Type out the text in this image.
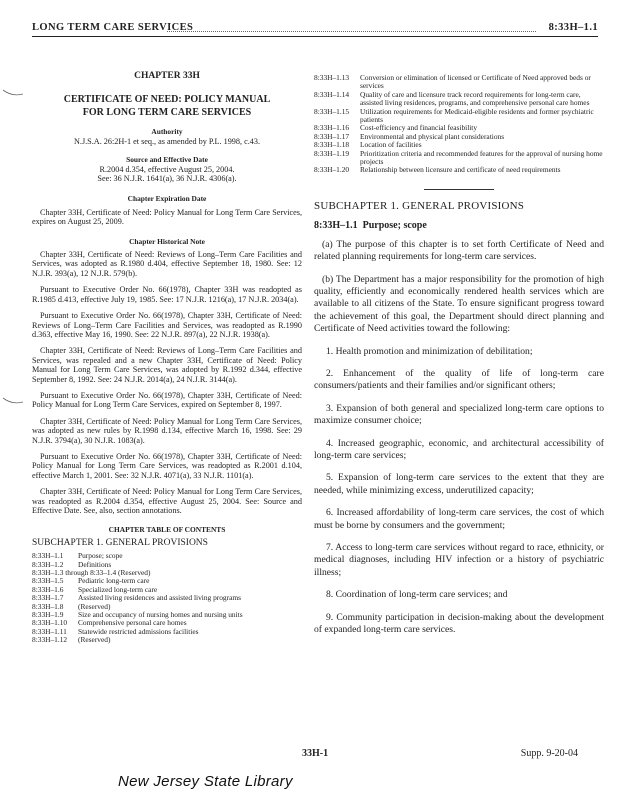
LONG TERM CARE SERVICES	8:33H–1.1
CHAPTER 33H
CERTIFICATE OF NEED: POLICY MANUAL
FOR LONG TERM CARE SERVICES
Authority
N.J.S.A. 26:2H-1 et seq., as amended by P.L. 1998, c.43.
Source and Effective Date
R.2004 d.354, effective August 25, 2004.
See: 36 N.J.R. 1641(a), 36 N.J.R. 4306(a).
Chapter Expiration Date

Chapter 33H, Certificate of Need: Policy Manual for Long Term Care Services, expires on August 25, 2009.

Chapter Historical Note

Chapter 33H, Certificate of Need: Reviews of Long–Term Care Facilities and Services, was adopted as R.1980 d.404, effective September 18, 1980. See: 12 N.J.R. 393(a), 12 N.J.R. 579(b).

Pursuant to Executive Order No. 66(1978), Chapter 33H was readopted as R.1985 d.413, effective July 19, 1985. See: 17 N.J.R. 1216(a), 17 N.J.R. 2034(a).

Pursuant to Executive Order No. 66(1978), Chapter 33H, Certificate of Need: Reviews of Long–Term Care Facilities and Services, was readopted as R.1990 d.363, effective May 16, 1990. See: 22 N.J.R. 897(a), 22 N.J.R. 1938(a).

Chapter 33H, Certificate of Need: Reviews of Long–Term Care Facilities and Services, was repealed and a new Chapter 33H, Certificate of Need: Policy Manual for Long Term Care Services, was adopted by R.1992 d.344, effective September 8, 1992. See: 24 N.J.R. 2014(a), 24 N.J.R. 3144(a).

Pursuant to Executive Order No. 66(1978), Chapter 33H, Certificate of Need: Policy Manual for Long Term Care Services, expired on September 8, 1997.

Chapter 33H, Certificate of Need: Policy Manual for Long Term Care Services, was adopted as new rules by R.1998 d.134, effective March 16, 1998. See: 29 N.J.R. 3794(a), 30 N.J.R. 1083(a).

Pursuant to Executive Order No. 66(1978), Chapter 33H, Certificate of Need: Policy Manual for Long Term Care Services, was readopted as R.2001 d.104, effective March 1, 2001. See: 32 N.J.R. 4071(a), 33 N.J.R. 1101(a).

Chapter 33H, Certificate of Need: Policy Manual for Long Term Care Services, was readopted as R.2004 d.354, effective August 25, 2004. See: Source and Effective Date. See, also, section annotations.

CHAPTER TABLE OF CONTENTS
SUBCHAPTER 1. GENERAL PROVISIONS
8:33H–1.1	Purpose; scope
8:33H–1.2	Definitions
8:33H–1.3 through 8:33–1.4 (Reserved)	
8:33H–1.5	Pediatric long-term care
8:33H–1.6	Specialized long-term care
8:33H–1.7	Assisted living residences and assisted living programs
8:33H–1.8	(Reserved)
8:33H–1.9	Size and occupancy of nursing homes and nursing units
8:33H–1.10	Comprehensive personal care homes
8:33H–1.11	Statewide restricted admissions facilities
8:33H–1.12	(Reserved)
8:33H–1.13	Conversion or elimination of licensed or Certificate of Need approved beds or services
8:33H–1.14	Quality of care and licensure track record requirements for long-term care, assisted living residences, programs, and comprehensive personal care homes
8:33H–1.15	Utilization requirements for Medicaid-eligible residents and former psychiatric patients
8:33H–1.16	Cost-efficiency and financial feasibility
8:33H–1.17	Environmental and physical plant considerations
8:33H–1.18	Location of facilities
8:33H–1.19	Prioritization criteria and recommended features for the approval of nursing home projects
8:33H–1.20	Relationship between licensure and certificate of need requirements
SUBCHAPTER 1. GENERAL PROVISIONS
8:33H–1.1 Purpose; scope

(a) The purpose of this chapter is to set forth Certificate of Need and related planning requirements for long-term care services.

(b) The Department has a major responsibility for the promotion of high quality, efficiently and economically rendered health services which are available to all citizens of the State. To ensure significant progress toward the achievement of this goal, the Department should direct planning and Certificate of Need activities toward the following:

1. Health promotion and minimization of debilitation;

2. Enhancement of the quality of life of long-term care consumers/patients and their families and/or significant others;

3. Expansion of both general and specialized long-term care options to maximize consumer choice;

4. Increased geographic, economic, and architectural accessibility of long-term care services;

5. Expansion of long-term care services to the extent that they are needed, while minimizing excess, underutilized capacity;

6. Increased affordability of long-term care services, the cost of which must be borne by consumers and the government;

7. Access to long-term care services without regard to race, ethnicity, or medical diagnoses, including HIV infection or a history of psychiatric illness;

8. Coordination of long-term care services; and

9. Community participation in decision-making about the development of expanded long-term care services.

33H-1	Supp. 9-20-04
New Jersey State Library
